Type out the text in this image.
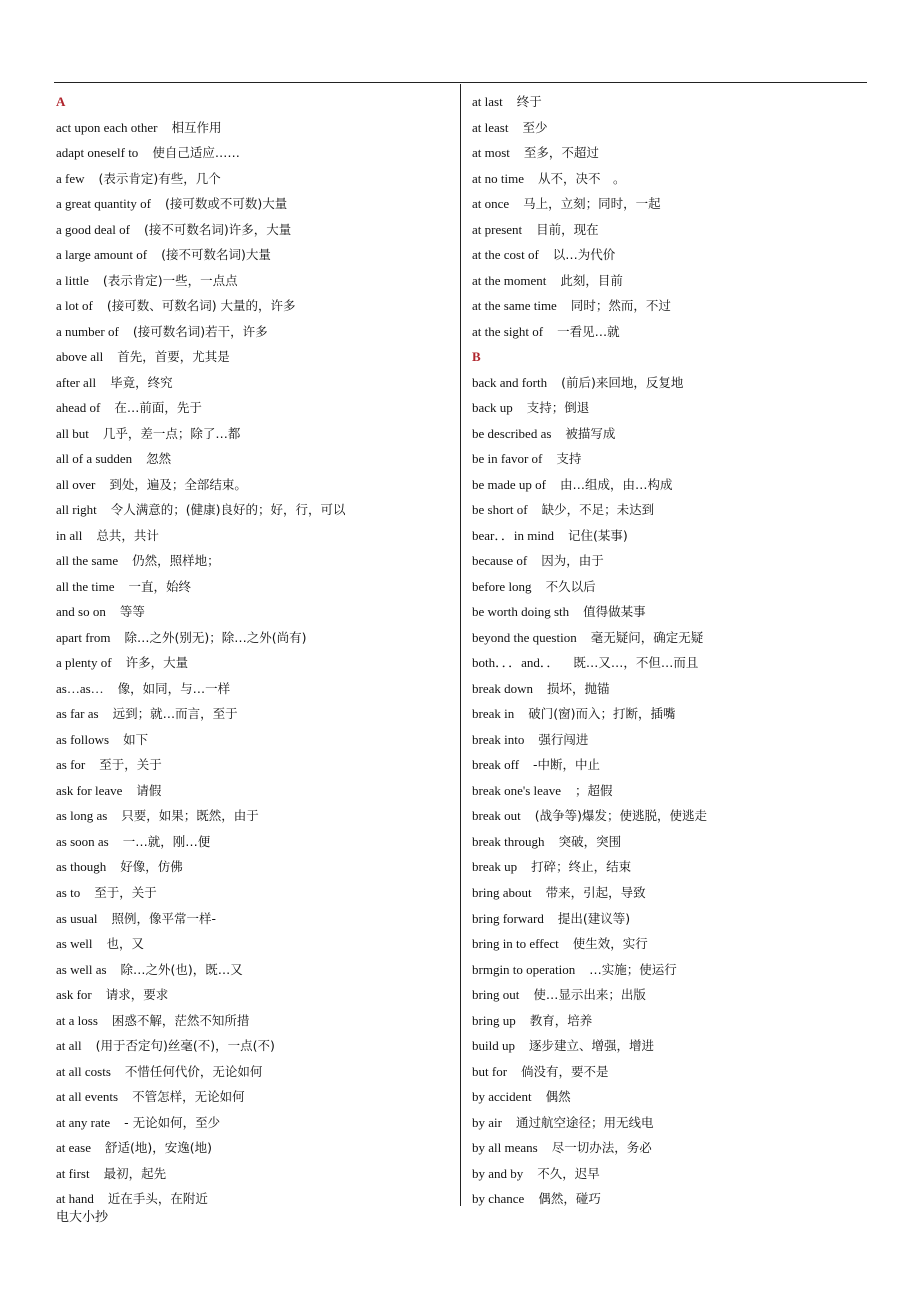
A
act upon each other 相互作用
adapt oneself to 使自己适应……
a few (表示肯定)有些，几个
a great quantity of (接可数或不可数)大量
a good deal of (接不可数名词)许多，大量
a large amount of (接不可数名词)大量
a little (表示肯定)一些，一点点
a lot of (接可数、可数名词) 大量的，许多
a number of (接可数名词)若干，许多
above all 首先，首要，尤其是
after all 毕竟，终究
ahead of 在…前面，先于
all but 几乎，差一点；除了…都
all of a sudden 忽然
all over 到处，遍及；全部结束。
all right 令人满意的；(健康)良好的；好，行，可以
in all 总共，共计
all the same 仍然，照样地；
all the time 一直，始终
and so on 等等
apart from 除…之外(别无)；除…之外(尚有)
a plenty of 许多，大量
as…as… 像，如同，与…一样
as far as 远到；就…而言，至于
as follows 如下
as for 至于，关于
ask for leave 请假
as long as 只要，如果；既然，由于
as soon as 一…就，刚…便
as though 好像，仿佛
as to 至于，关于
as usual 照例，像平常一样-
as well 也，又
as well as 除…之外(也)，既…又
ask for 请求，要求
at a loss 困惑不解，茫然不知所措
at all (用于否定句)丝毫(不)，一点(不)
at all costs 不惜任何代价，无论如何
at all events 不管怎样，无论如何
at any rate - 无论如何，至少
at ease 舒适(地)，安逸(地)
at first 最初，起先
at hand 近在手头，在附近
at last 终于
at least 至少
at most 至多，不超过
at no time 从不，决不　。
at once 马上，立刻；同时，一起
at present 目前，现在
at the cost of 以…为代价
at the moment 此刻，目前
at the same time 同时；然而，不过
at the sight of 一看见…就
B
back and forth (前后)来回地，反复地
back up 支持；倒退
be described as 被描写成
be in favor of 支持
be made up of 由…组成，由…构成
be short of 缺少，不足；未达到
bear．．in mind 记住(某事)
because of 因为，由于
before long 不久以后
be worth doing sth 值得做某事
beyond the question 毫无疑问，确定无疑
both．．．and．． 既…又…，不但…而且
break down 损坏，抛锚
break in 破门(窗)而入；打断，插嘴
break into 强行闯进
break off -中断，中止
break one's leave ；超假
break out (战争等)爆发；使逃脱，使逃走
break through 突破，突围
break up 打碎；终止，结束
bring about 带来，引起，导致
bring forward 提出(建议等)
bring in to effect 使生效，实行
brmgin to operation …实施；使运行
bring out 使…显示出来；出版
bring up 教育，培养
build up 逐步建立、增强，增进
but for 倘没有，要不是
by accident 偶然
by air 通过航空途径；用无线电
by all means 尽一切办法，务必
by and by 不久，迟早
by chance 偶然，碰巧
电大小抄
